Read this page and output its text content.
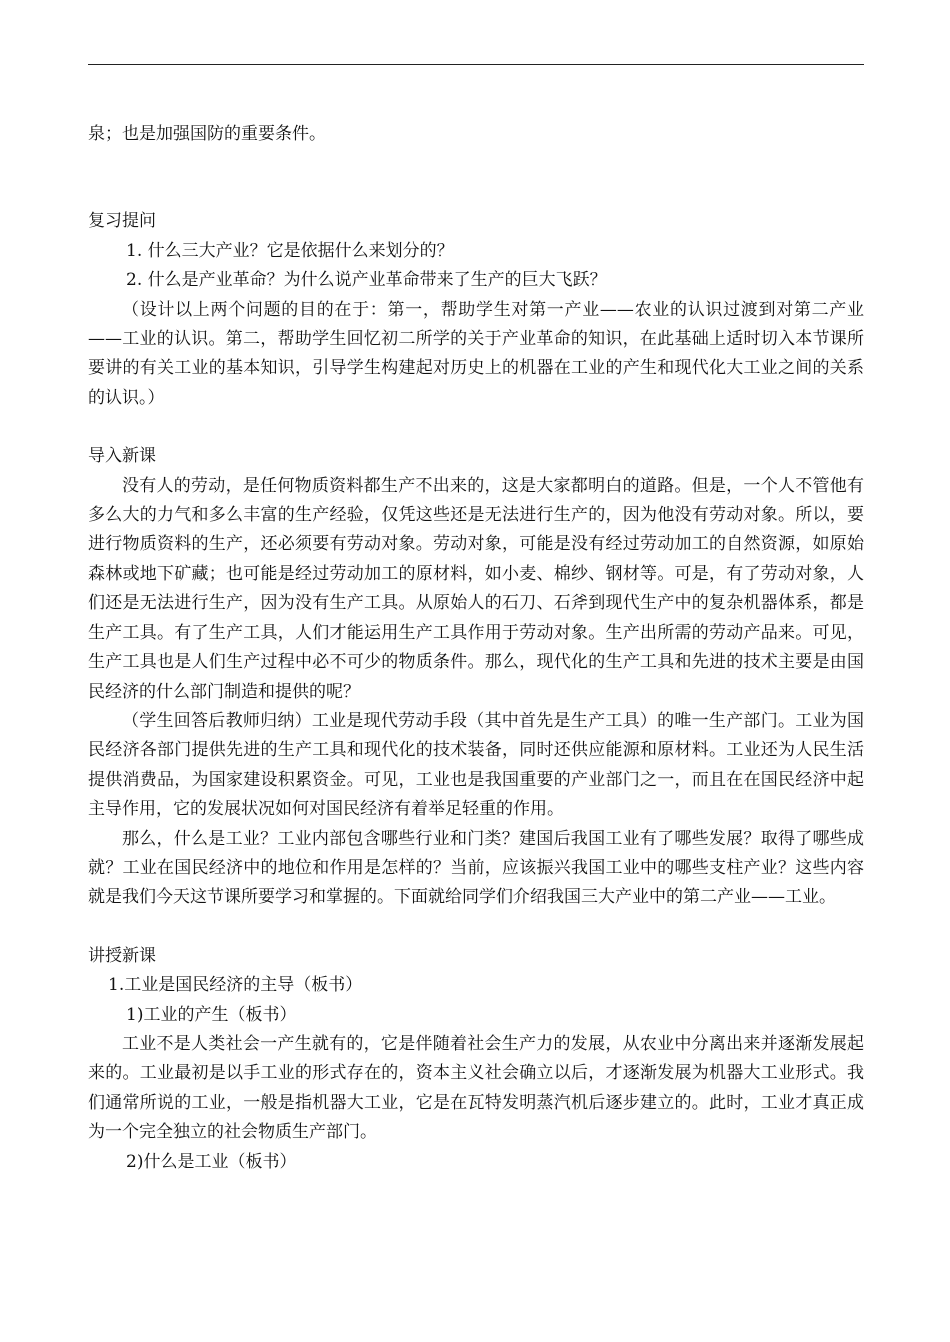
泉；也是加强国防的重要条件。

复习提问

1. 什么三大产业？它是依据什么来划分的？

2. 什么是产业革命？为什么说产业革命带来了生产的巨大飞跃？

（设计以上两个问题的目的在于：第一，帮助学生对第一产业——农业的认识过渡到对第二产业——工业的认识。第二，帮助学生回忆初二所学的关于产业革命的知识，在此基础上适时切入本节课所要讲的有关工业的基本知识，引导学生构建起对历史上的机器在工业的产生和现代化大工业之间的关系的认识。）

导入新课

没有人的劳动，是任何物质资料都生产不出来的，这是大家都明白的道路。但是，一个人不管他有多么大的力气和多么丰富的生产经验，仅凭这些还是无法进行生产的，因为他没有劳动对象。所以，要进行物质资料的生产，还必须要有劳动对象。劳动对象，可能是没有经过劳动加工的自然资源，如原始森林或地下矿藏；也可能是经过劳动加工的原材料，如小麦、棉纱、钢材等。可是，有了劳动对象，人们还是无法进行生产，因为没有生产工具。从原始人的石刀、石斧到现代生产中的复杂机器体系，都是生产工具。有了生产工具，人们才能运用生产工具作用于劳动对象。生产出所需的劳动产品来。可见，生产工具也是人们生产过程中必不可少的物质条件。那么，现代化的生产工具和先进的技术主要是由国民经济的什么部门制造和提供的呢？

（学生回答后教师归纳）工业是现代劳动手段（其中首先是生产工具）的唯一生产部门。工业为国民经济各部门提供先进的生产工具和现代化的技术装备，同时还供应能源和原材料。工业还为人民生活提供消费品，为国家建设积累资金。可见，工业也是我国重要的产业部门之一，而且在在国民经济中起主导作用，它的发展状况如何对国民经济有着举足轻重的作用。

那么，什么是工业？工业内部包含哪些行业和门类？建国后我国工业有了哪些发展？取得了哪些成就？工业在国民经济中的地位和作用是怎样的？当前，应该振兴我国工业中的哪些支柱产业？这些内容就是我们今天这节课所要学习和掌握的。下面就给同学们介绍我国三大产业中的第二产业——工业。

讲授新课

1.工业是国民经济的主导（板书）

1)工业的产生（板书）

工业不是人类社会一产生就有的，它是伴随着社会生产力的发展，从农业中分离出来并逐渐发展起来的。工业最初是以手工业的形式存在的，资本主义社会确立以后，才逐渐发展为机器大工业形式。我们通常所说的工业，一般是指机器大工业，它是在瓦特发明蒸汽机后逐步建立的。此时，工业才真正成为一个完全独立的社会物质生产部门。

2)什么是工业（板书）
